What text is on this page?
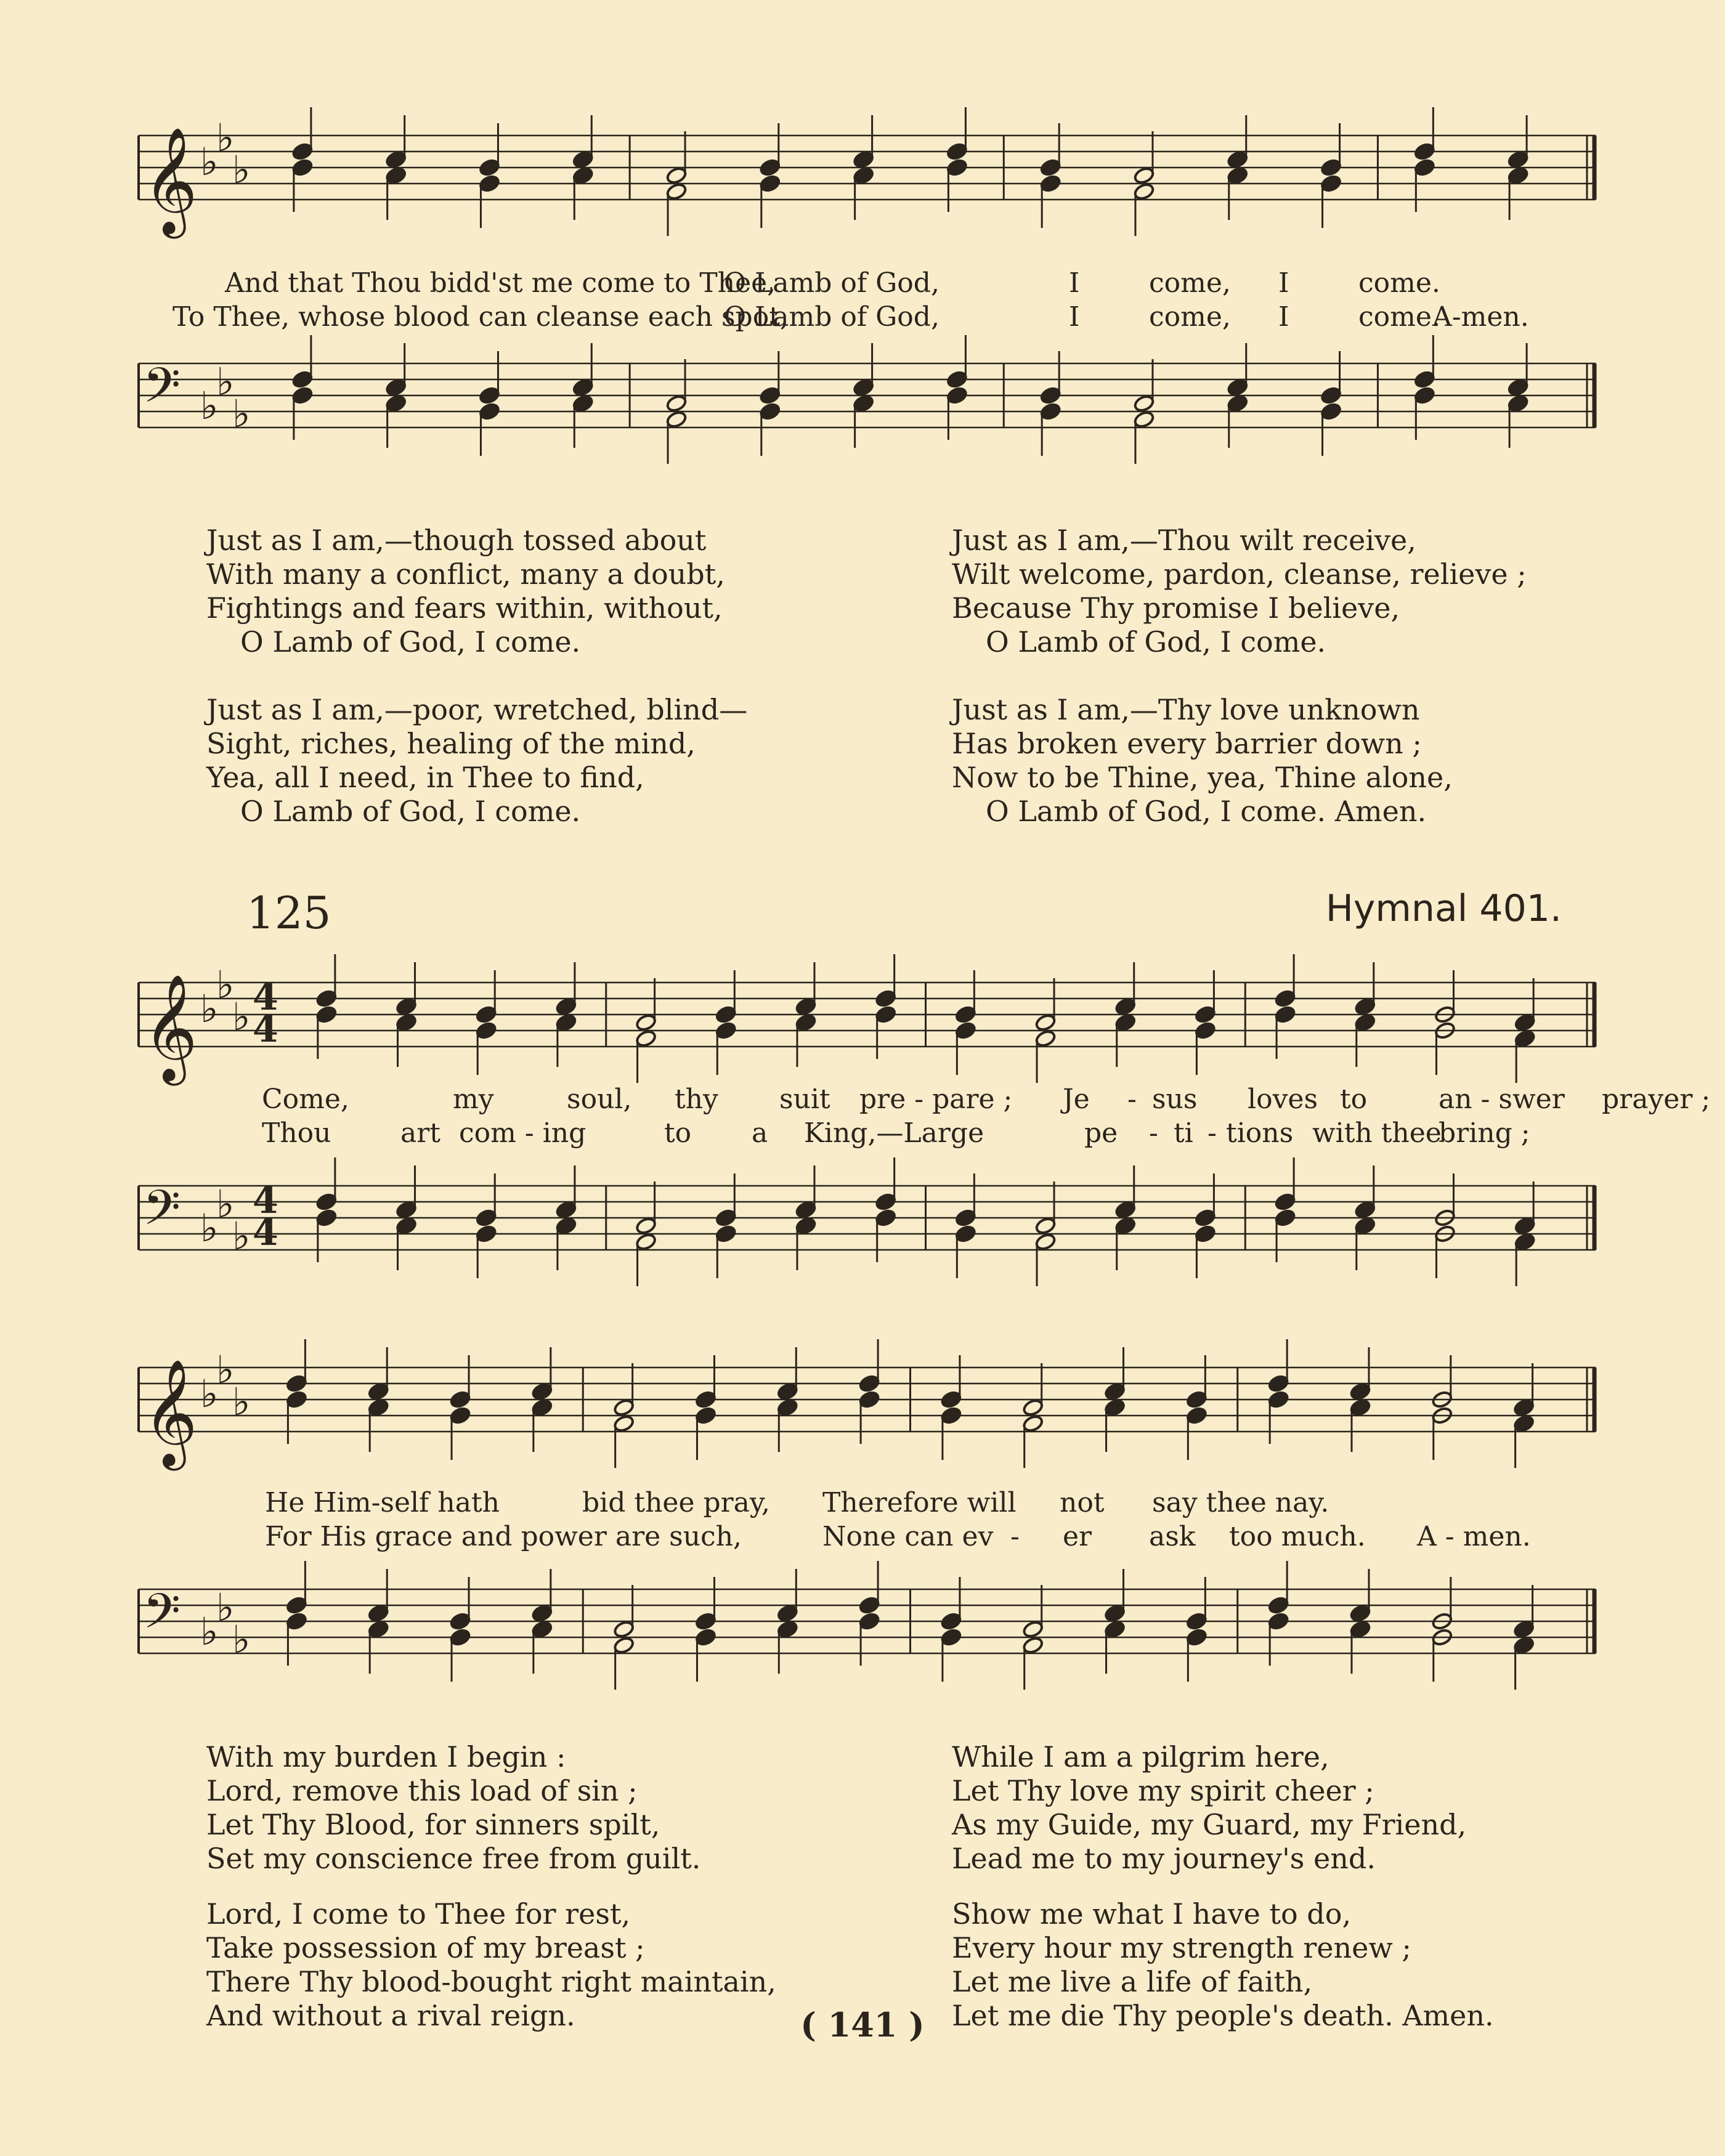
𝄞 ♭
♭
♭
And that Thou bidd'st me come to Thee,
O Lamb of God,	I	come, I	come.
To Thee, whose blood can cleanse each spot,
O Lamb of God,	I	come, I	come.
A-men.
𝄢 ♭
♭
♭
Just as I am,—though tossed about
With many a conflict, many a doubt,
Fightings and fears within, without,
O Lamb of God, I come.
Just as I am,—Thou wilt receive,
Wilt welcome, pardon, cleanse, relieve ;
Because Thy promise I believe,
O Lamb of God, I come.
Just as I am,—poor, wretched, blind—
Sight, riches, healing of the mind,
Yea, all I need, in Thee to find,
O Lamb of God, I come.
Just as I am,—Thy love unknown
Has broken every barrier down ;
Now to be Thine, yea, Thine alone,
O Lamb of God, I come. Amen.
125	Hymnal 401.
𝄞 ♭
♭
♭ 4
4
Come,	my	soul, thy suit pre - pare ; Je - sus loves to	an - swer prayer ;
Thou	art com - ing	to a King,—Large	pe - ti - tions with thee
bring ;
𝄢 ♭
♭
♭
4
4
𝄞 ♭
♭
♭
He Him-self hath	bid thee pray, Therefore will not say thee nay.
For His grace and power are such,	None can ev - er ask too much. A - men.
𝄢 ♭
♭
♭
With my burden I begin :
Lord, remove this load of sin ;
Let Thy Blood, for sinners spilt,
Set my conscience free from guilt.
While I am a pilgrim here,
Let Thy love my spirit cheer ;
As my Guide, my Guard, my Friend,
Lead me to my journey's end.
Lord, I come to Thee for rest,
Take possession of my breast ;
There Thy blood-bought right maintain,
And without a rival reign.
Show me what I have to do,
Every hour my strength renew ;
Let me live a life of faith,
Let me die Thy people's death. Amen.
( 141 )
